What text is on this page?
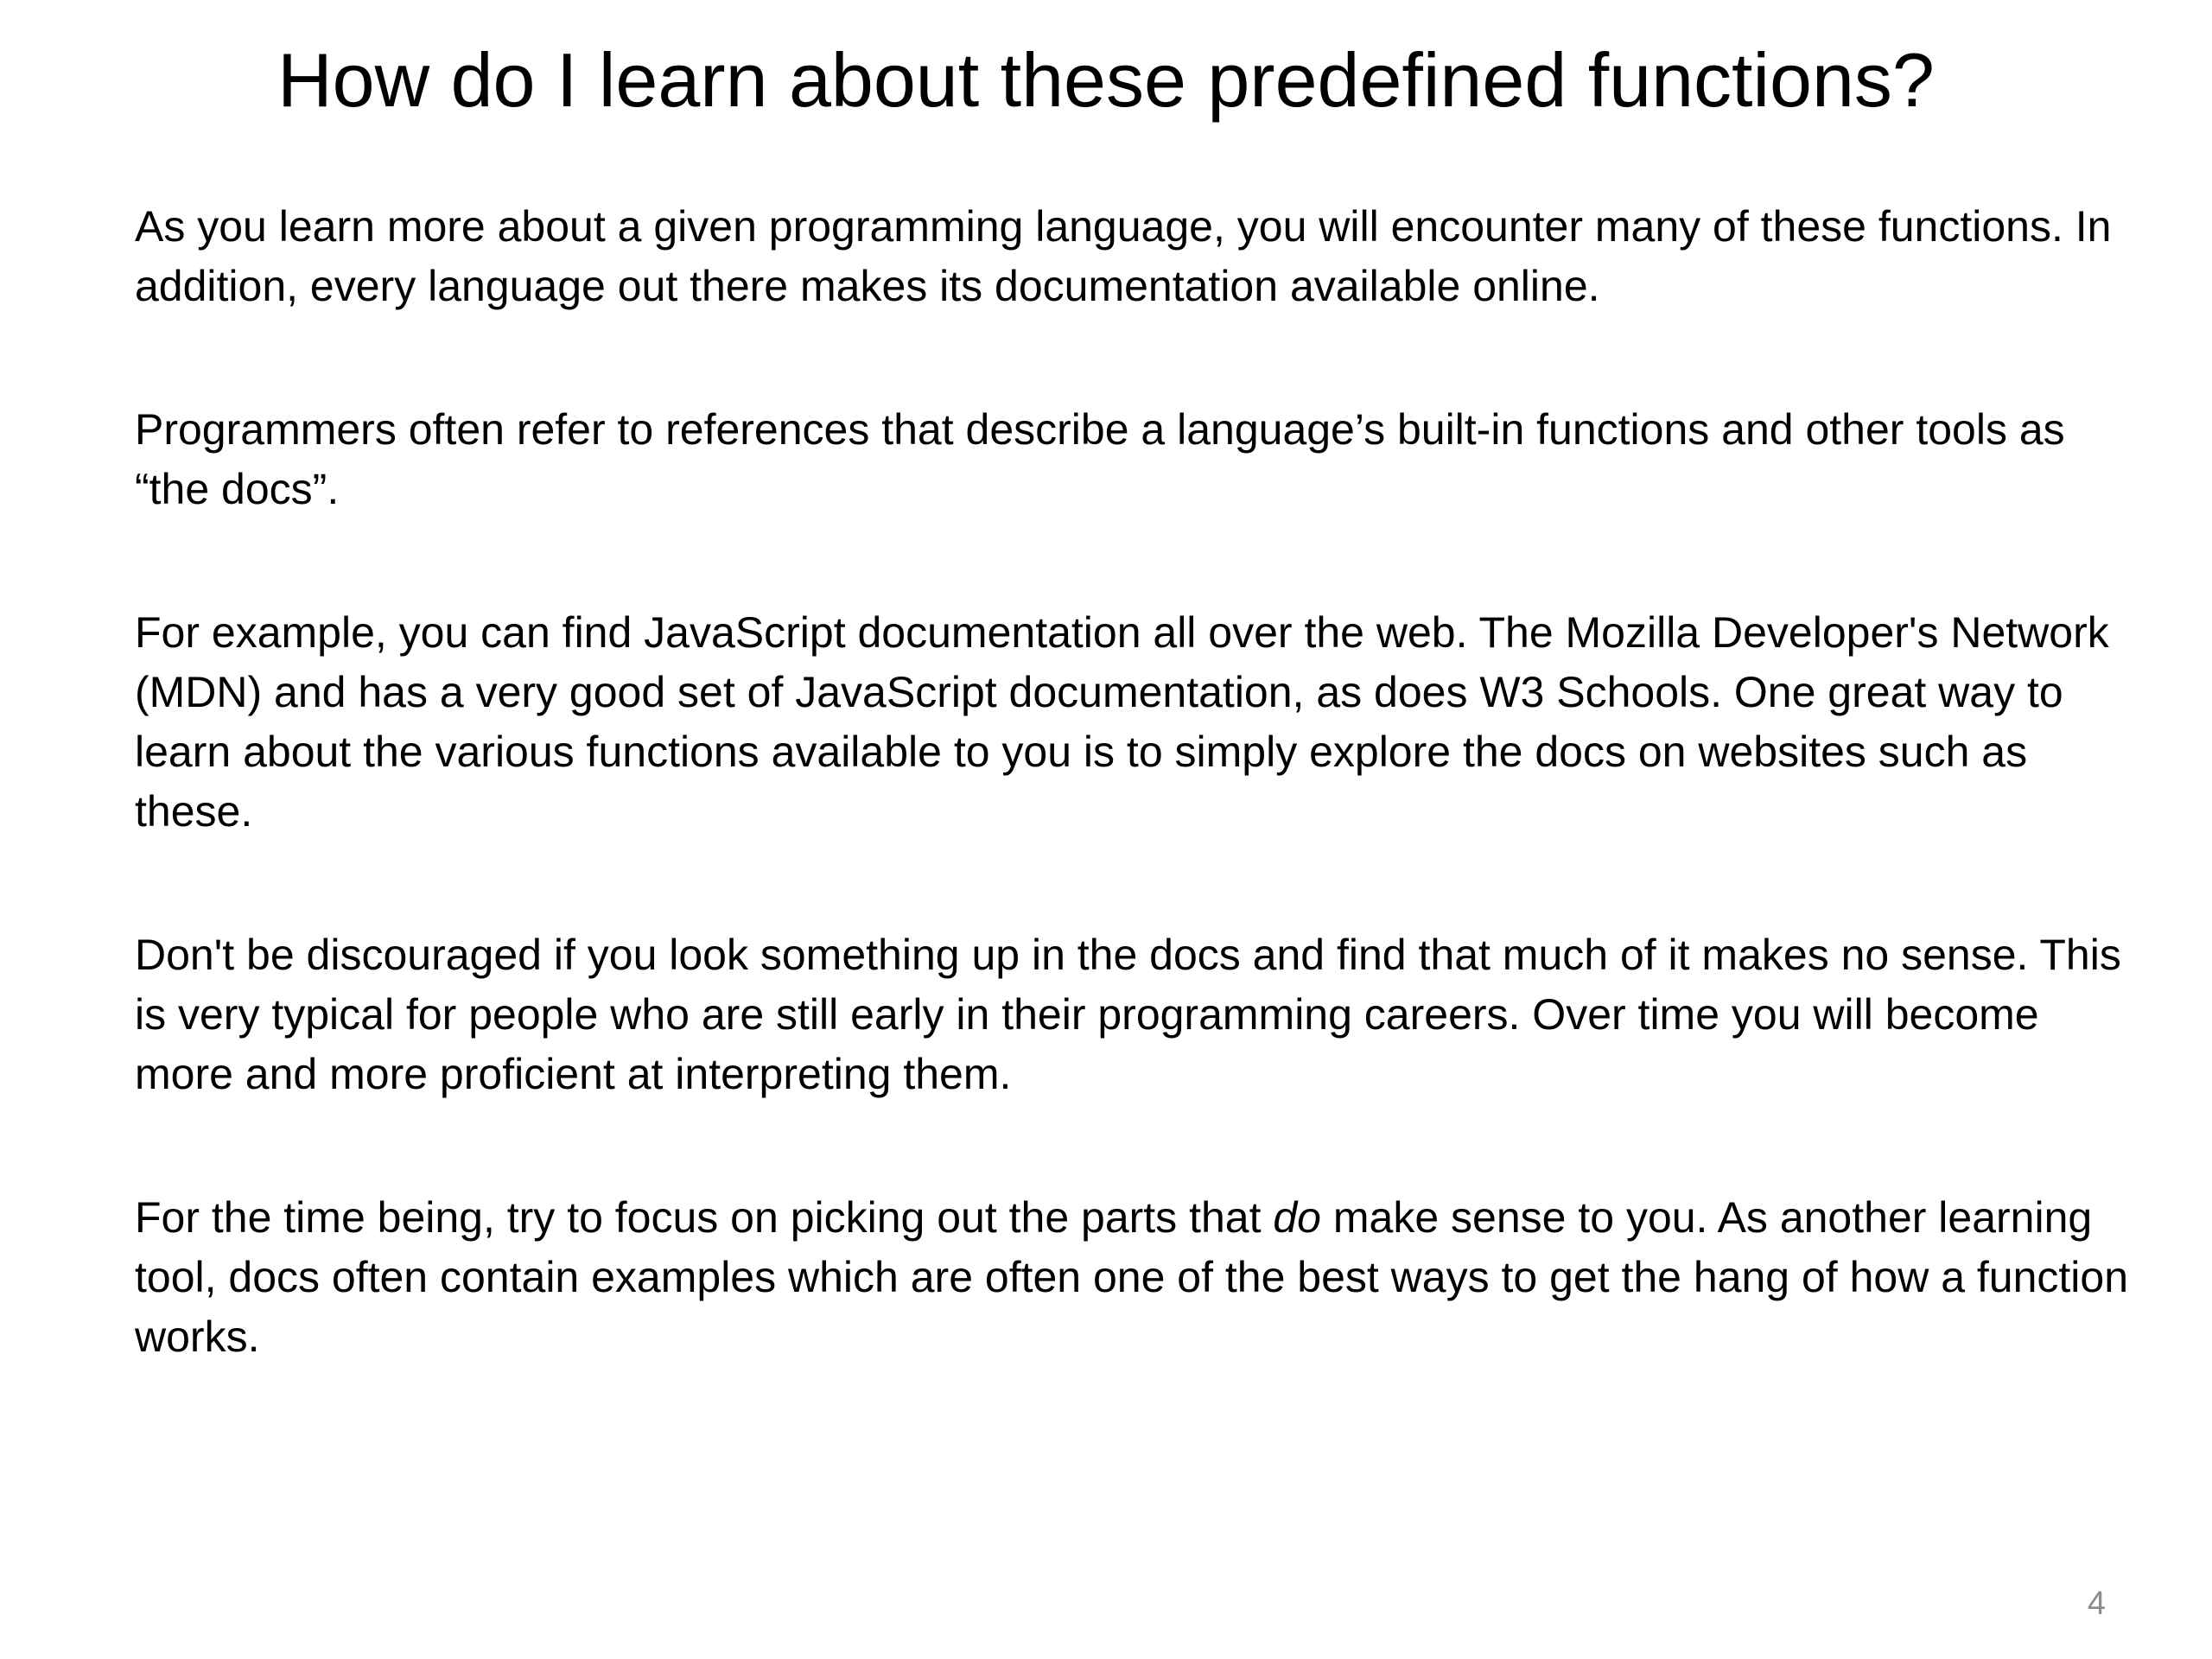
How do I learn about these predefined functions?

As you learn more about a given programming language, you will encounter many of these functions. In addition, every language out there makes its documentation available online.

Programmers often refer to references that describe a language’s built-in functions and other tools as “the docs”.

For example, you can find JavaScript documentation all over the web. The Mozilla Developer's Network (MDN) and has a very good set of JavaScript documentation, as does W3 Schools. One great way to learn about the various functions available to you is to simply explore the docs on websites such as these.

Don't be discouraged if you look something up in the docs and find that much of it makes no sense. This is very typical for people who are still early in their programming careers. Over time you will become more and more proficient at interpreting them.

For the time being, try to focus on picking out the parts that do make sense to you. As another learning tool, docs often contain examples which are often one of the best ways to get the hang of how a function works.

4
